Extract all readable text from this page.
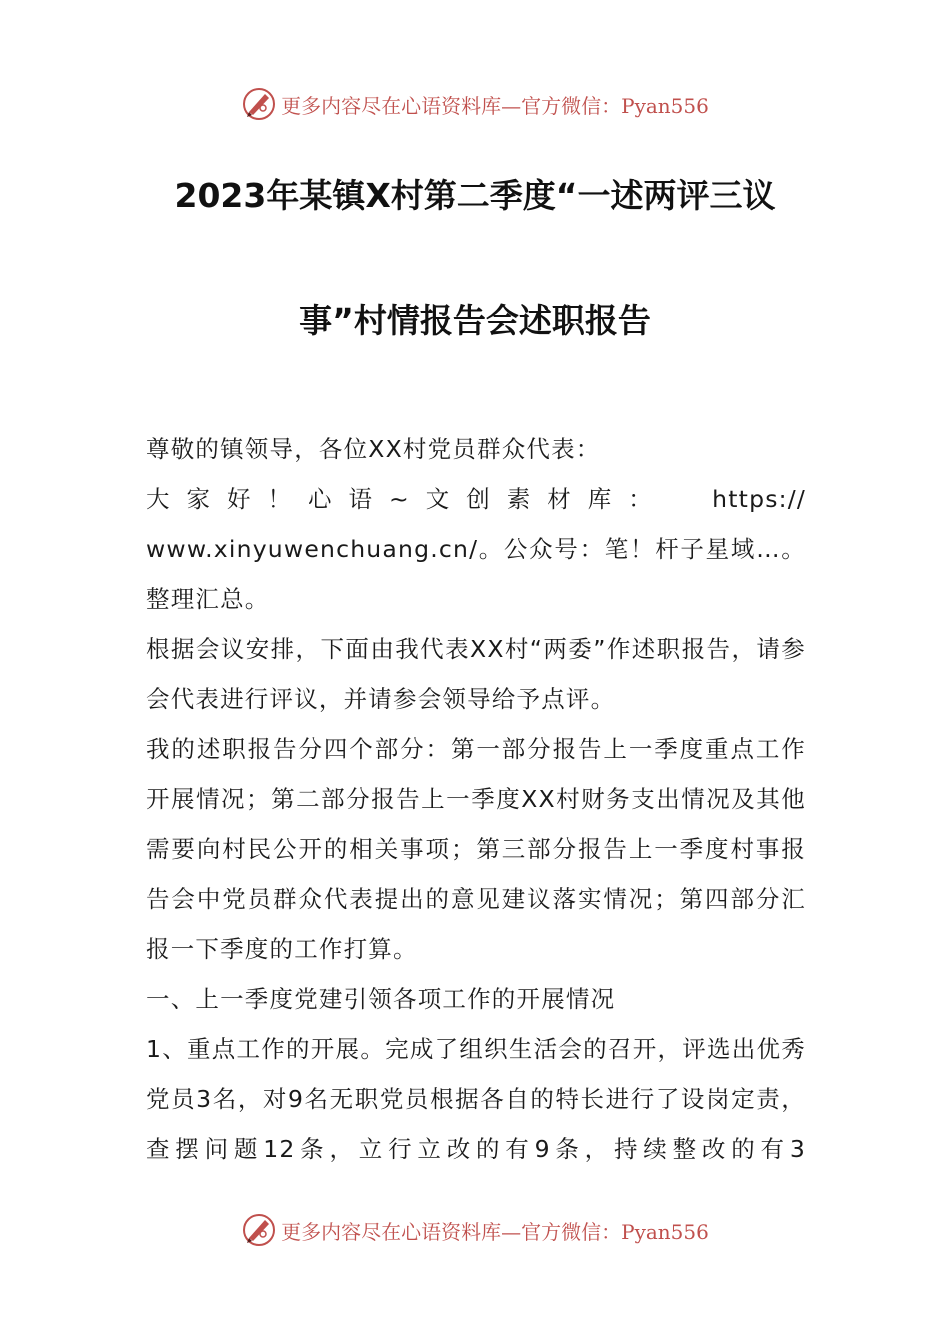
更多内容尽在心语资料库—官方微信：Pyan556
2023年某镇X村第二季度“一述两评三议
事”村情报告会述职报告

尊敬的镇领导，各位XX村党员群众代表：

大家好！心语~文创素材库： https://
www.xinyuwenchuang.cn/。公众号：笔！杆子星域…。整理汇总。

根据会议安排，下面由我代表XX村“两委”作述职报告，请参会代表进行评议，并请参会领导给予点评。

我的述职报告分四个部分：第一部分报告上一季度重点工作开展情况；第二部分报告上一季度XX村财务支出情况及其他需要向村民公开的相关事项；第三部分报告上一季度村事报告会中党员群众代表提出的意见建议落实情况；第四部分汇报一下季度的工作打算。

一、上一季度党建引领各项工作的开展情况

1、重点工作的开展。完成了组织生活会的召开，评选出优秀党员3名，对9名无职党员根据各自的特长进行了设岗定责，查摆问题12条，立行立改的有9条，持续整改的有3

更多内容尽在心语资料库—官方微信：Pyan556
